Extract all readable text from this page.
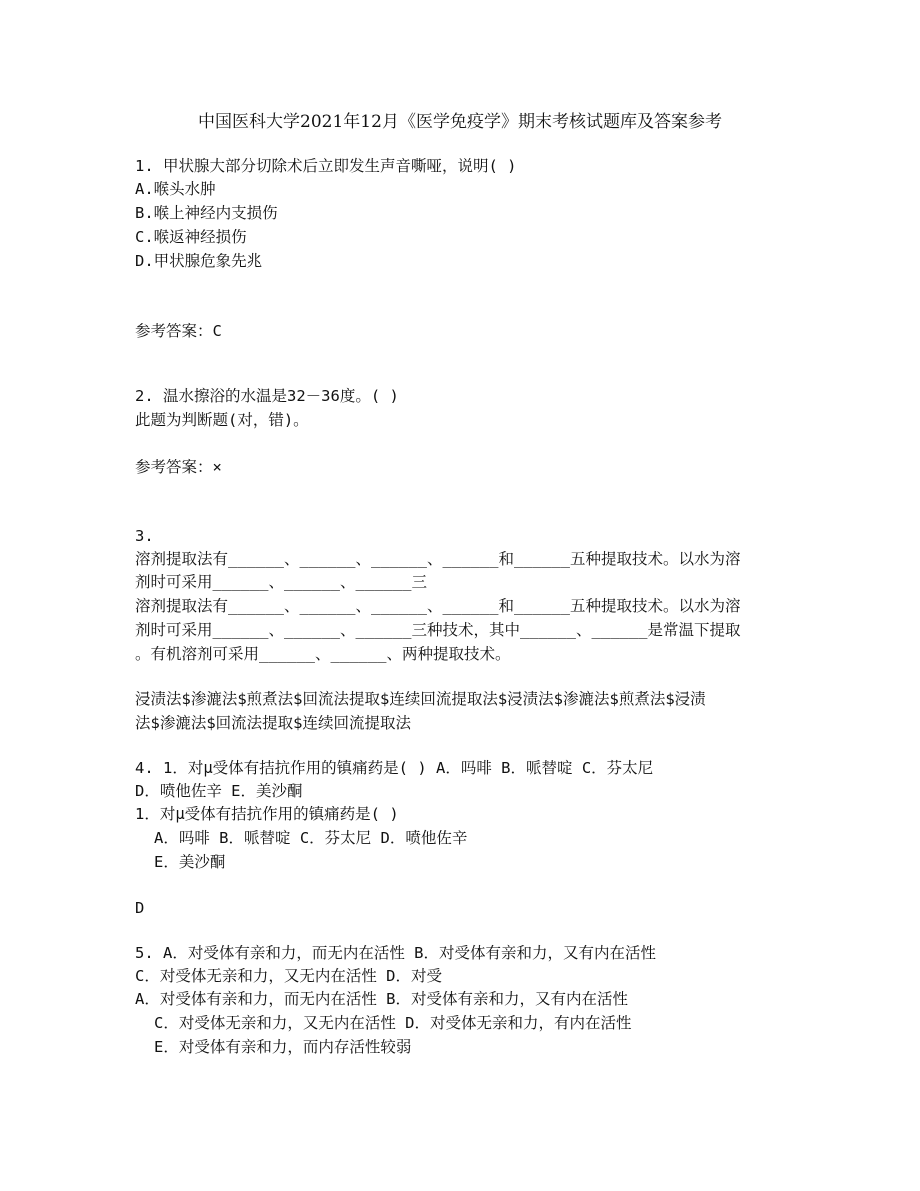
中国医科大学2021年12月《医学免疫学》期末考核试题库及答案参考
1. 甲状腺大部分切除术后立即发生声音嘶哑，说明( )
A.喉头水肿
B.喉上神经内支损伤
C.喉返神经损伤
D.甲状腺危象先兆
参考答案：C
2. 温水擦浴的水温是32－36度。( )
此题为判断题(对，错)。
参考答案：×
3.
溶剂提取法有______、______、______、______和______五种提取技术。以水为溶
剂时可采用______、______、______三
溶剂提取法有______、______、______、______和______五种提取技术。以水为溶
剂时可采用______、______、______三种技术，其中______、______是常温下提取
。有机溶剂可采用______、______、两种提取技术。
浸渍法$渗漉法$煎煮法$回流法提取$连续回流提取法$浸渍法$渗漉法$煎煮法$浸渍
法$渗漉法$回流法提取$连续回流提取法
4. 1．对μ受体有拮抗作用的镇痛药是( ) A．吗啡 B．哌替啶 C．芬太尼
D．喷他佐辛 E．美沙酮
1．对μ受体有拮抗作用的镇痛药是( )
A．吗啡 B．哌替啶 C．芬太尼 D．喷他佐辛
E．美沙酮
D
5. A．对受体有亲和力，而无内在活性 B．对受体有亲和力，又有内在活性
C．对受体无亲和力，又无内在活性 D．对受
A．对受体有亲和力，而无内在活性 B．对受体有亲和力，又有内在活性
C．对受体无亲和力，又无内在活性 D．对受体无亲和力，有内在活性
E．对受体有亲和力，而内存活性较弱
